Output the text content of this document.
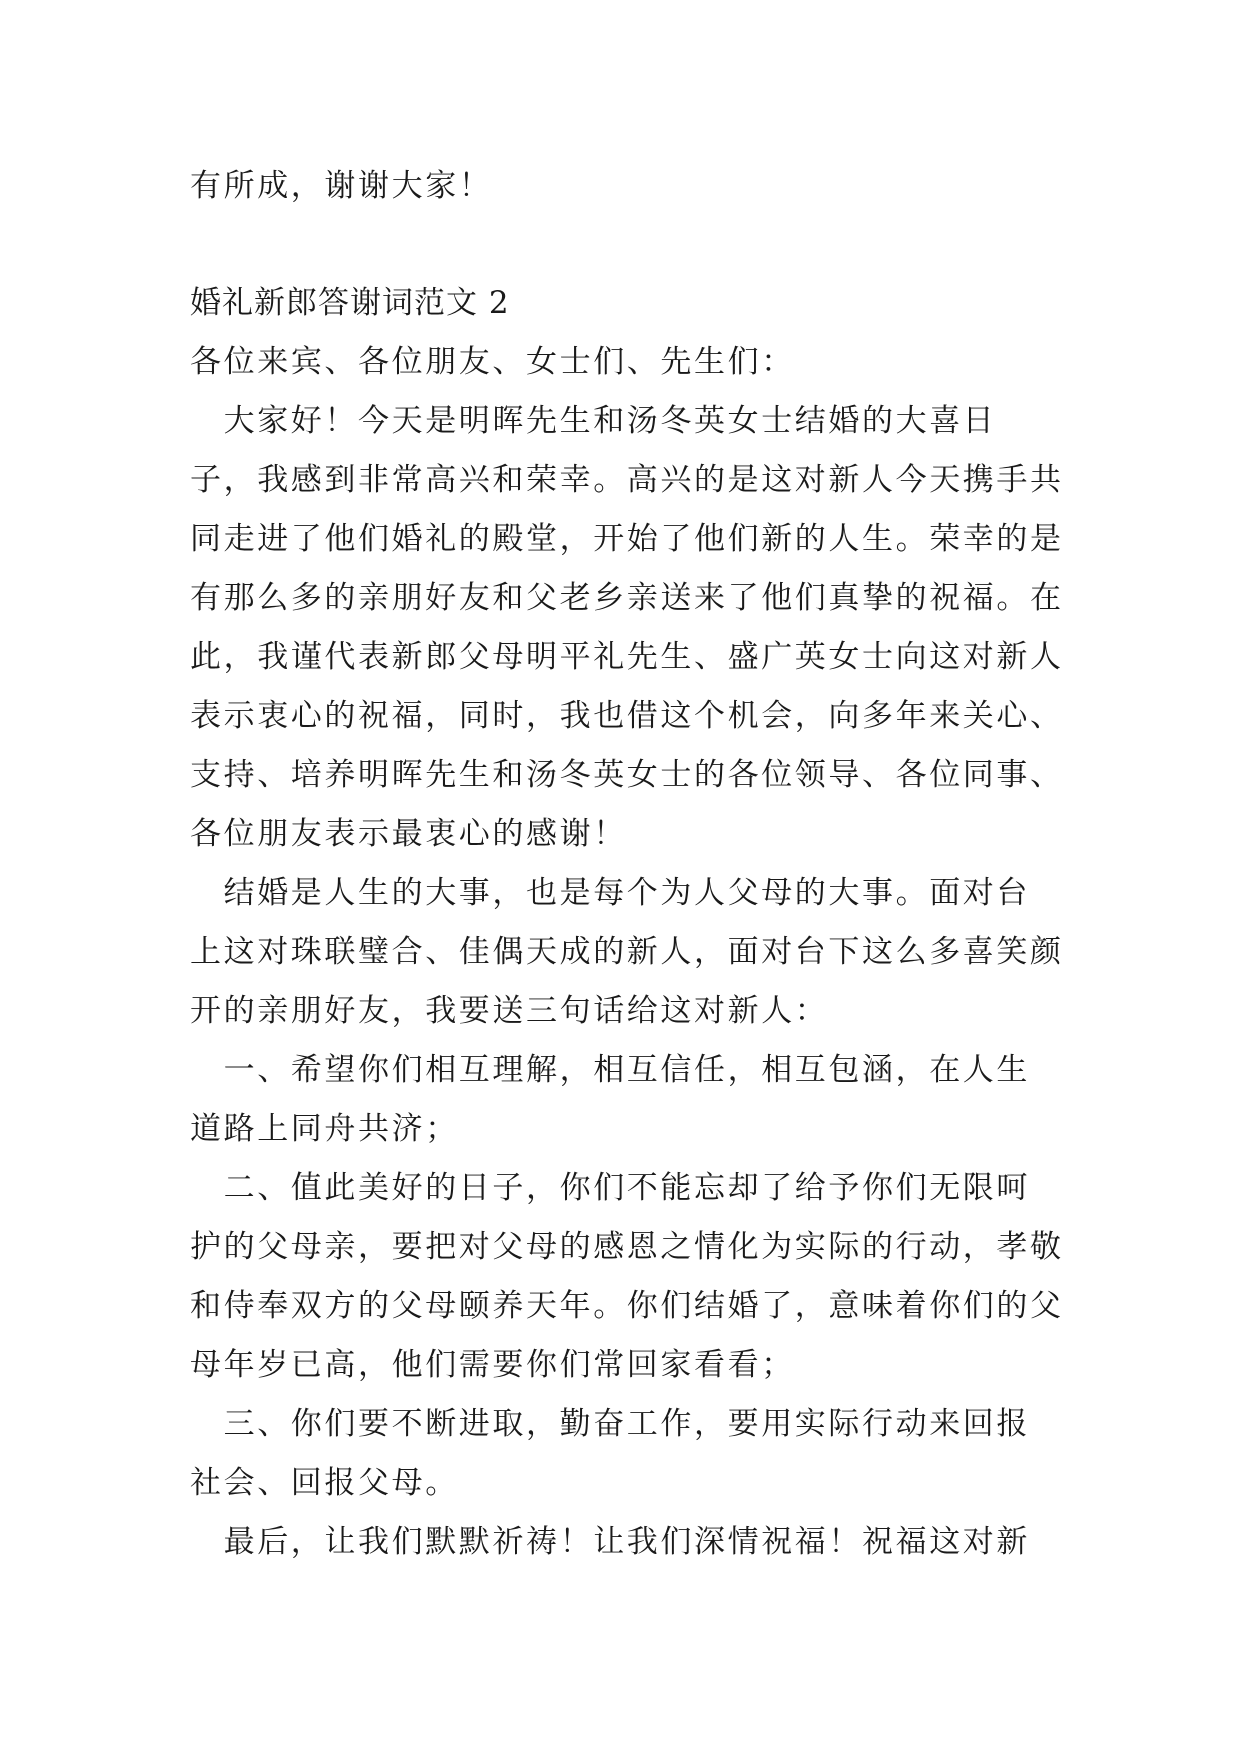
有所成，谢谢大家！
婚礼新郎答谢词范文 2
各位来宾、各位朋友、女士们、先生们：
　大家好！今天是明晖先生和汤冬英女士结婚的大喜日
子，我感到非常高兴和荣幸。高兴的是这对新人今天携手共
同走进了他们婚礼的殿堂，开始了他们新的人生。荣幸的是
有那么多的亲朋好友和父老乡亲送来了他们真挚的祝福。在
此，我谨代表新郎父母明平礼先生、盛广英女士向这对新人
表示衷心的祝福，同时，我也借这个机会，向多年来关心、
支持、培养明晖先生和汤冬英女士的各位领导、各位同事、
各位朋友表示最衷心的感谢！
　结婚是人生的大事，也是每个为人父母的大事。面对台
上这对珠联璧合、佳偶天成的新人，面对台下这么多喜笑颜
开的亲朋好友，我要送三句话给这对新人：
　一、希望你们相互理解，相互信任，相互包涵，在人生
道路上同舟共济；
　二、值此美好的日子，你们不能忘却了给予你们无限呵
护的父母亲，要把对父母的感恩之情化为实际的行动，孝敬
和侍奉双方的父母颐养天年。你们结婚了，意味着你们的父
母年岁已高，他们需要你们常回家看看；
　三、你们要不断进取，勤奋工作，要用实际行动来回报
社会、回报父母。
　最后，让我们默默祈祷！让我们深情祝福！祝福这对新
